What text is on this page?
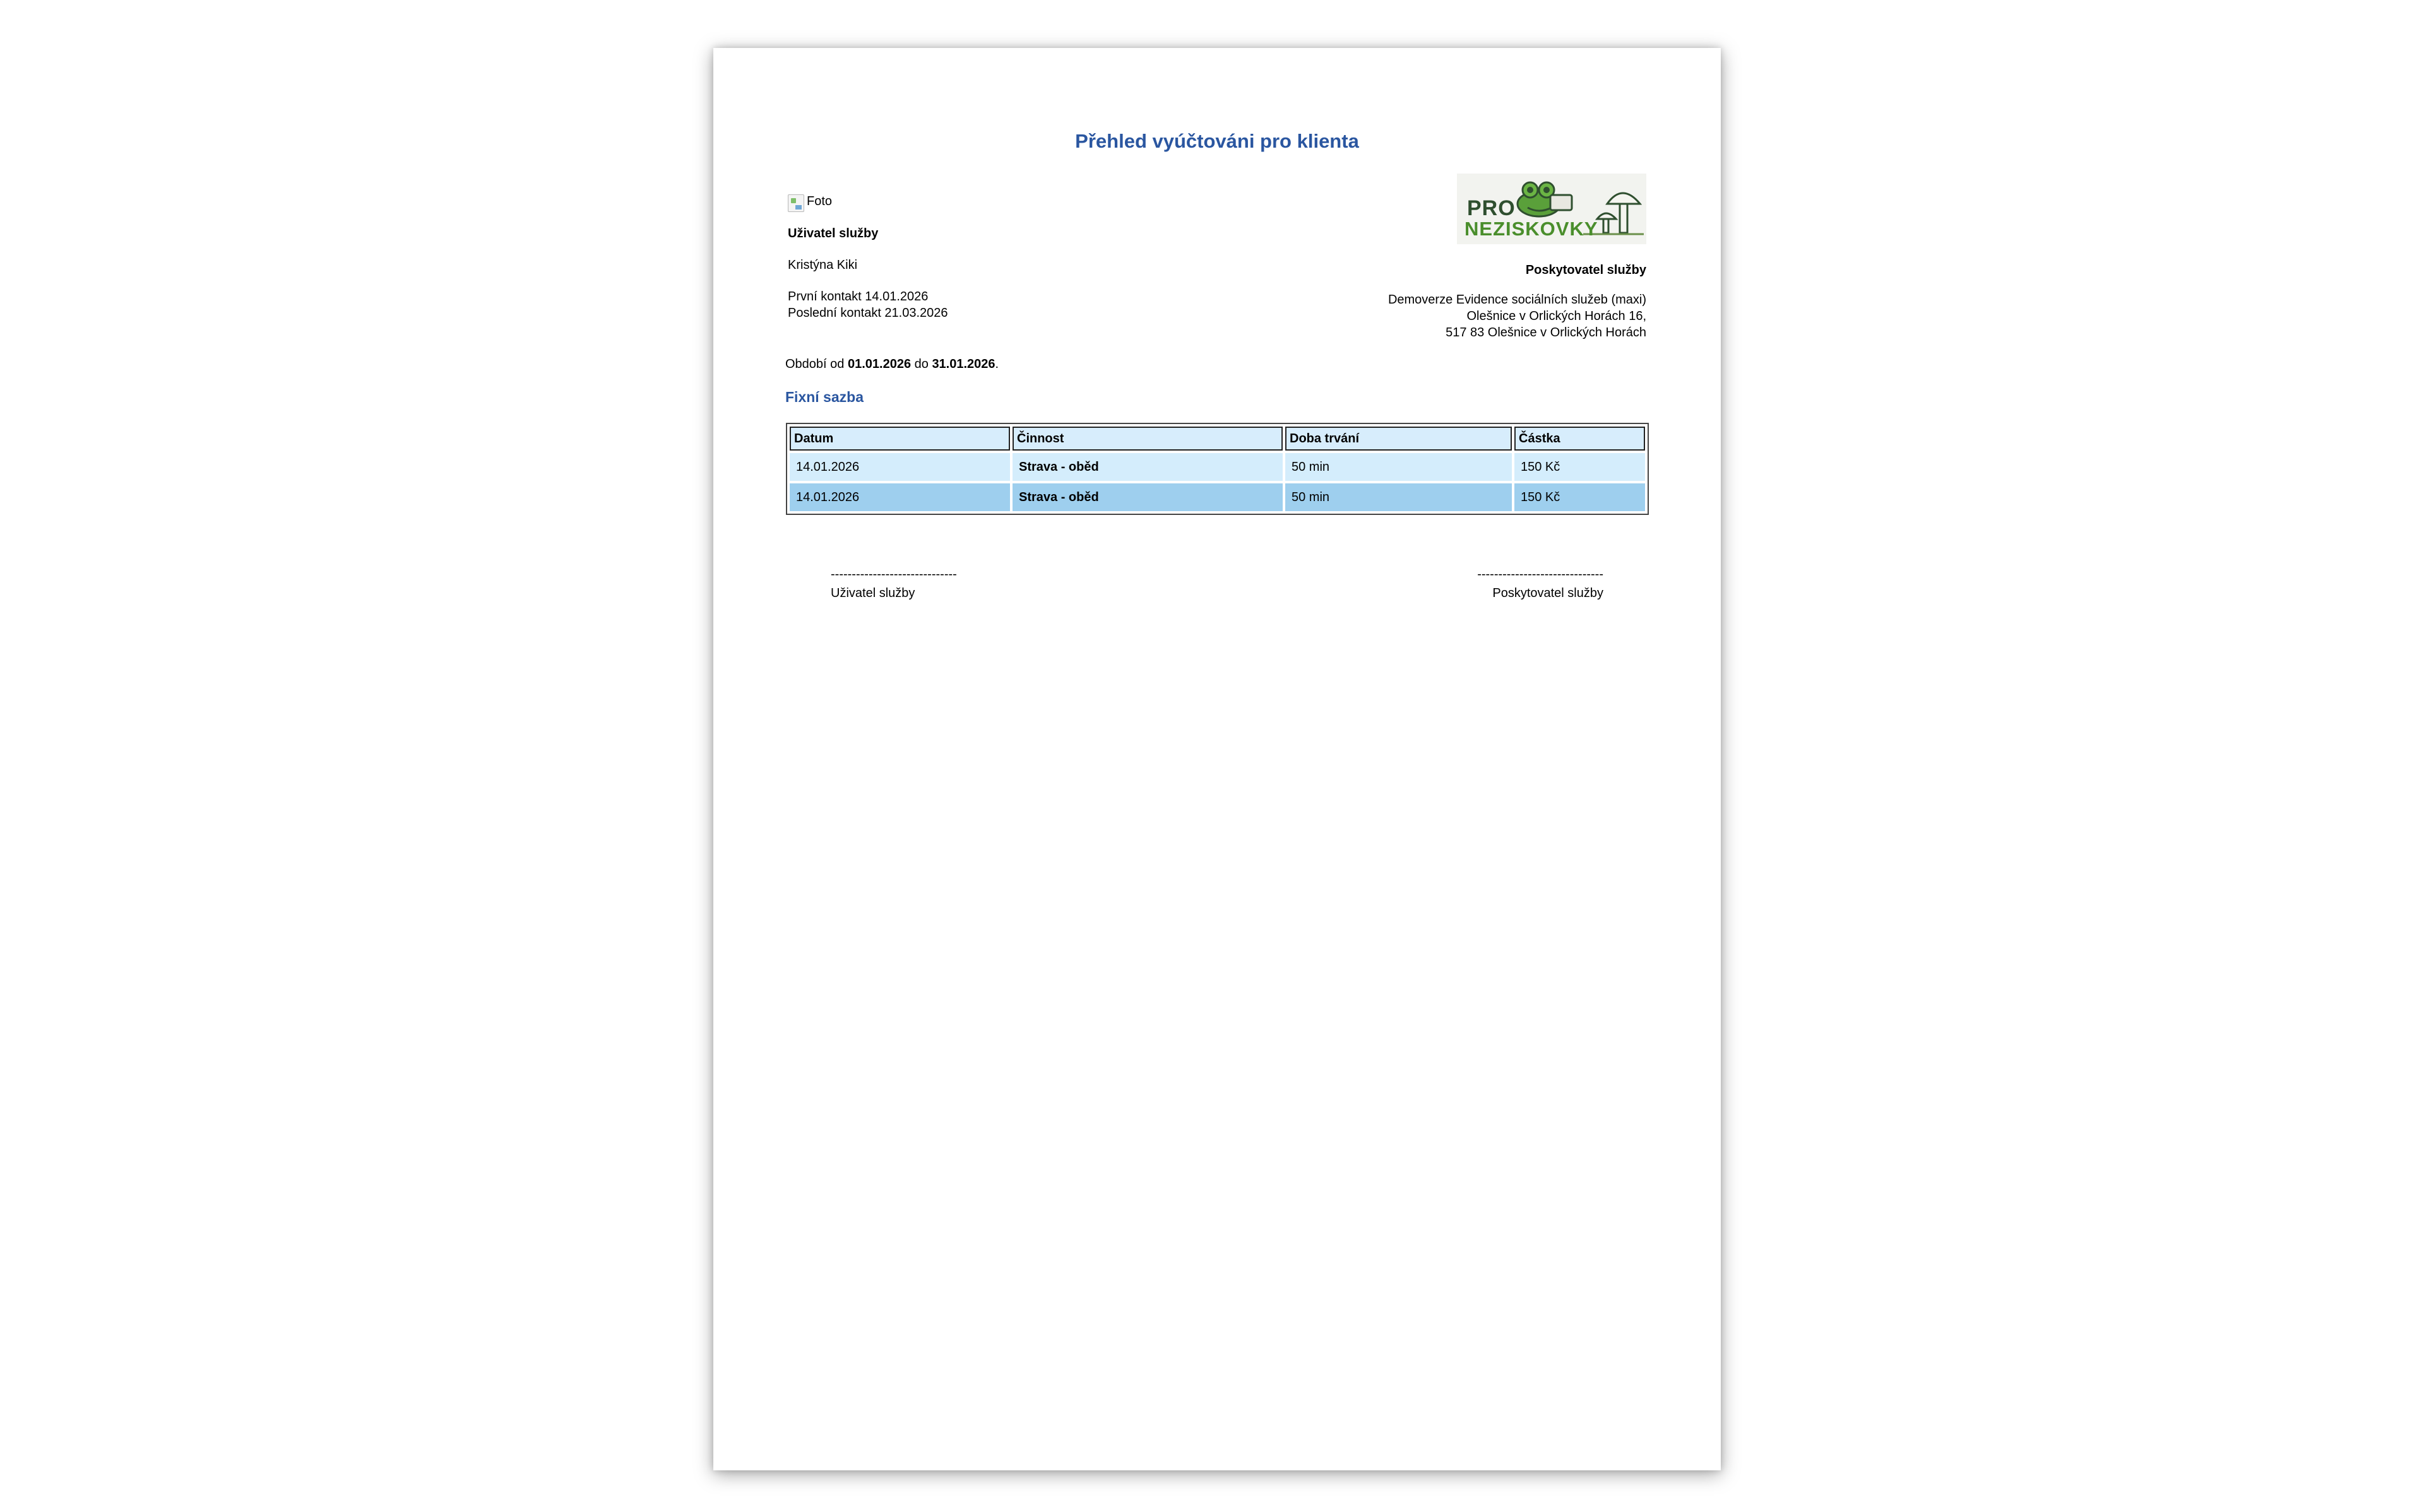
Přehled vyúčtováni pro klienta
Foto
Uživatel služby
Kristýna Kiki
První kontakt 14.01.2026
Poslední kontakt 21.03.2026
PRO
NEZISKOVKY
Poskytovatel služby
Demoverze Evidence sociálních služeb (maxi)
Olešnice v Orlických Horách 16,
517 83 Olešnice v Orlických Horách
Období od 01.01.2026 do 31.01.2026.
Fixní sazba
Datum	Činnost	Doba trvání	Částka
14.01.2026	Strava - oběd	50 min	150 Kč
14.01.2026	Strava - oběd	50 min	150 Kč
------------------------------
Uživatel služby
------------------------------
Poskytovatel služby
